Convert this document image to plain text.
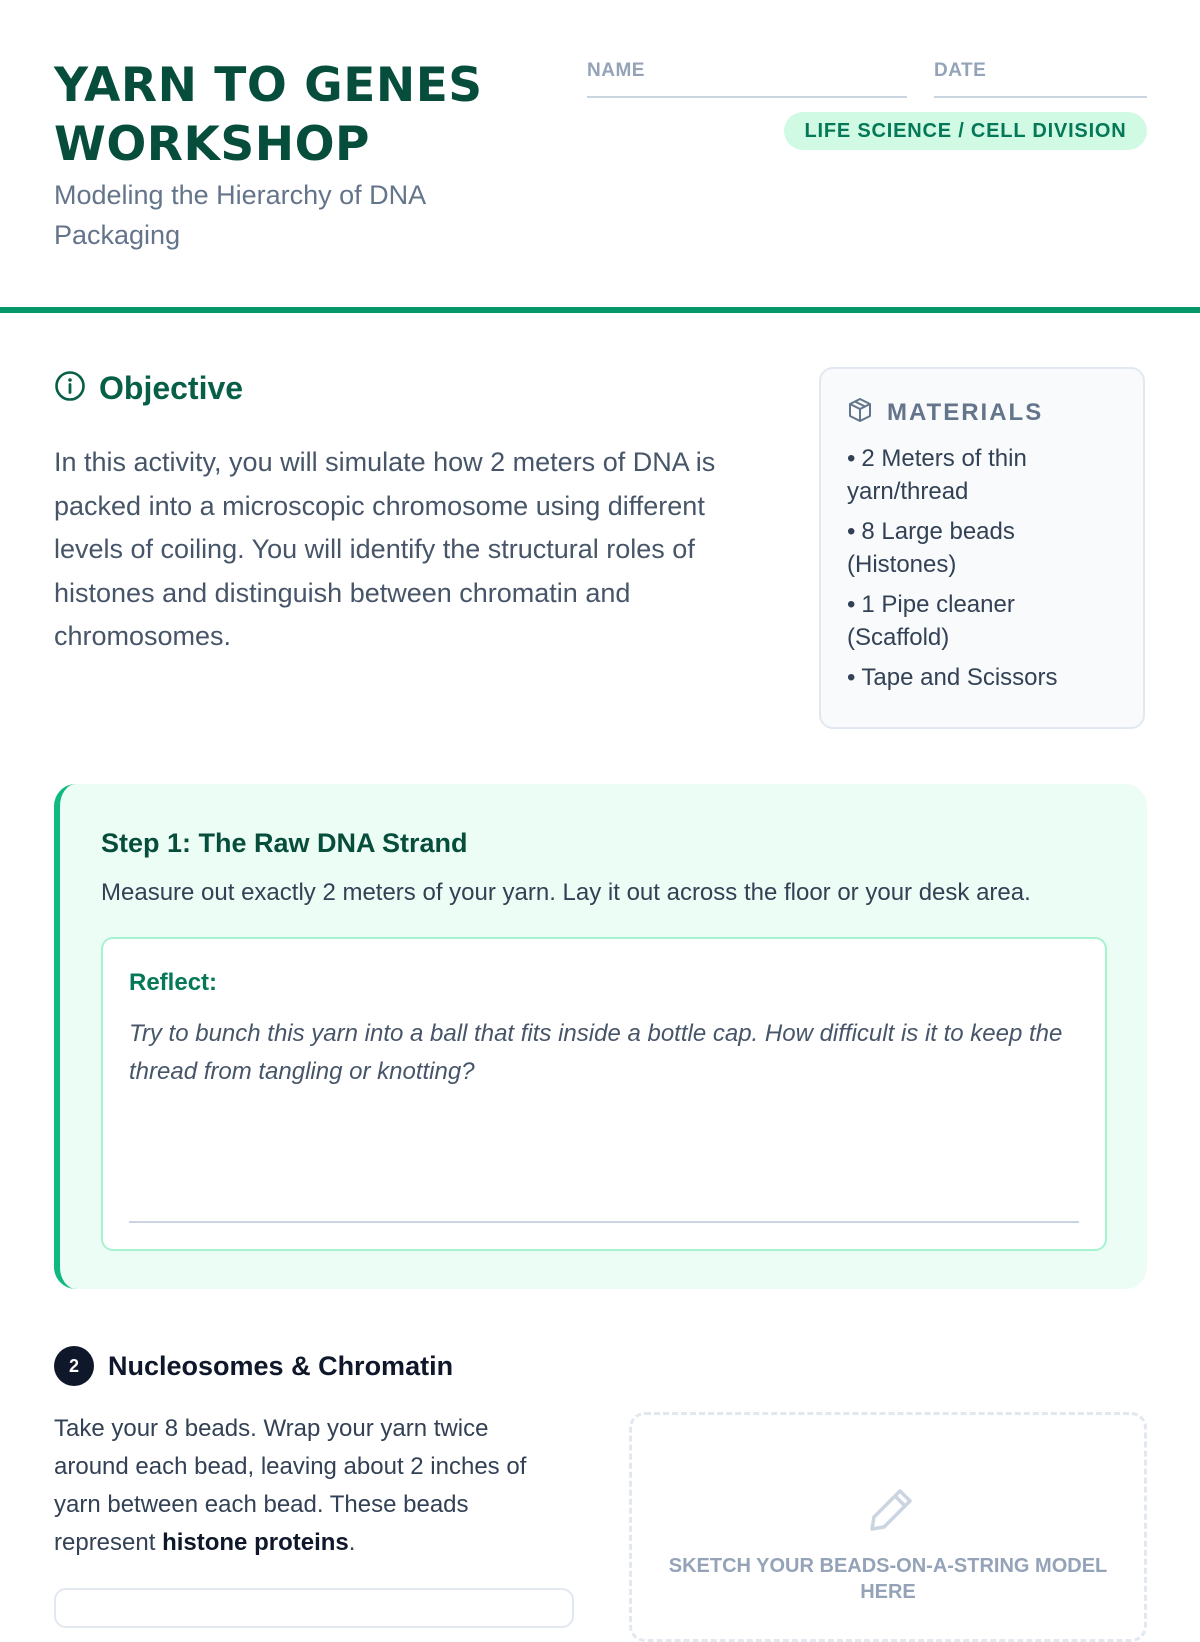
YARN TO GENES WORKSHOP
Modeling the Hierarchy of DNA Packaging
NAME	DATE
LIFE SCIENCE / CELL DIVISION
Objective

In this activity, you will simulate how 2 meters of DNA is packed into a microscopic chromosome using different levels of coiling. You will identify the structural roles of histones and distinguish between chromatin and chromosomes.

MATERIALS
• 2 Meters of thin yarn/thread
• 8 Large beads (Histones)
• 1 Pipe cleaner (Scaffold)
• Tape and Scissors
Step 1: The Raw DNA Strand
Measure out exactly 2 meters of your yarn. Lay it out across the floor or your desk area.
Reflect:
Try to bunch this yarn into a ball that fits inside a bottle cap. How difficult is it to keep the thread from tangling or knotting?
2	Nucleosomes & Chromatin
Take your 8 beads. Wrap your yarn twice around each bead, leaving about 2 inches of yarn between each bead. These beads represent histone proteins.
SKETCH YOUR BEADS-ON-A-STRING MODEL HERE
